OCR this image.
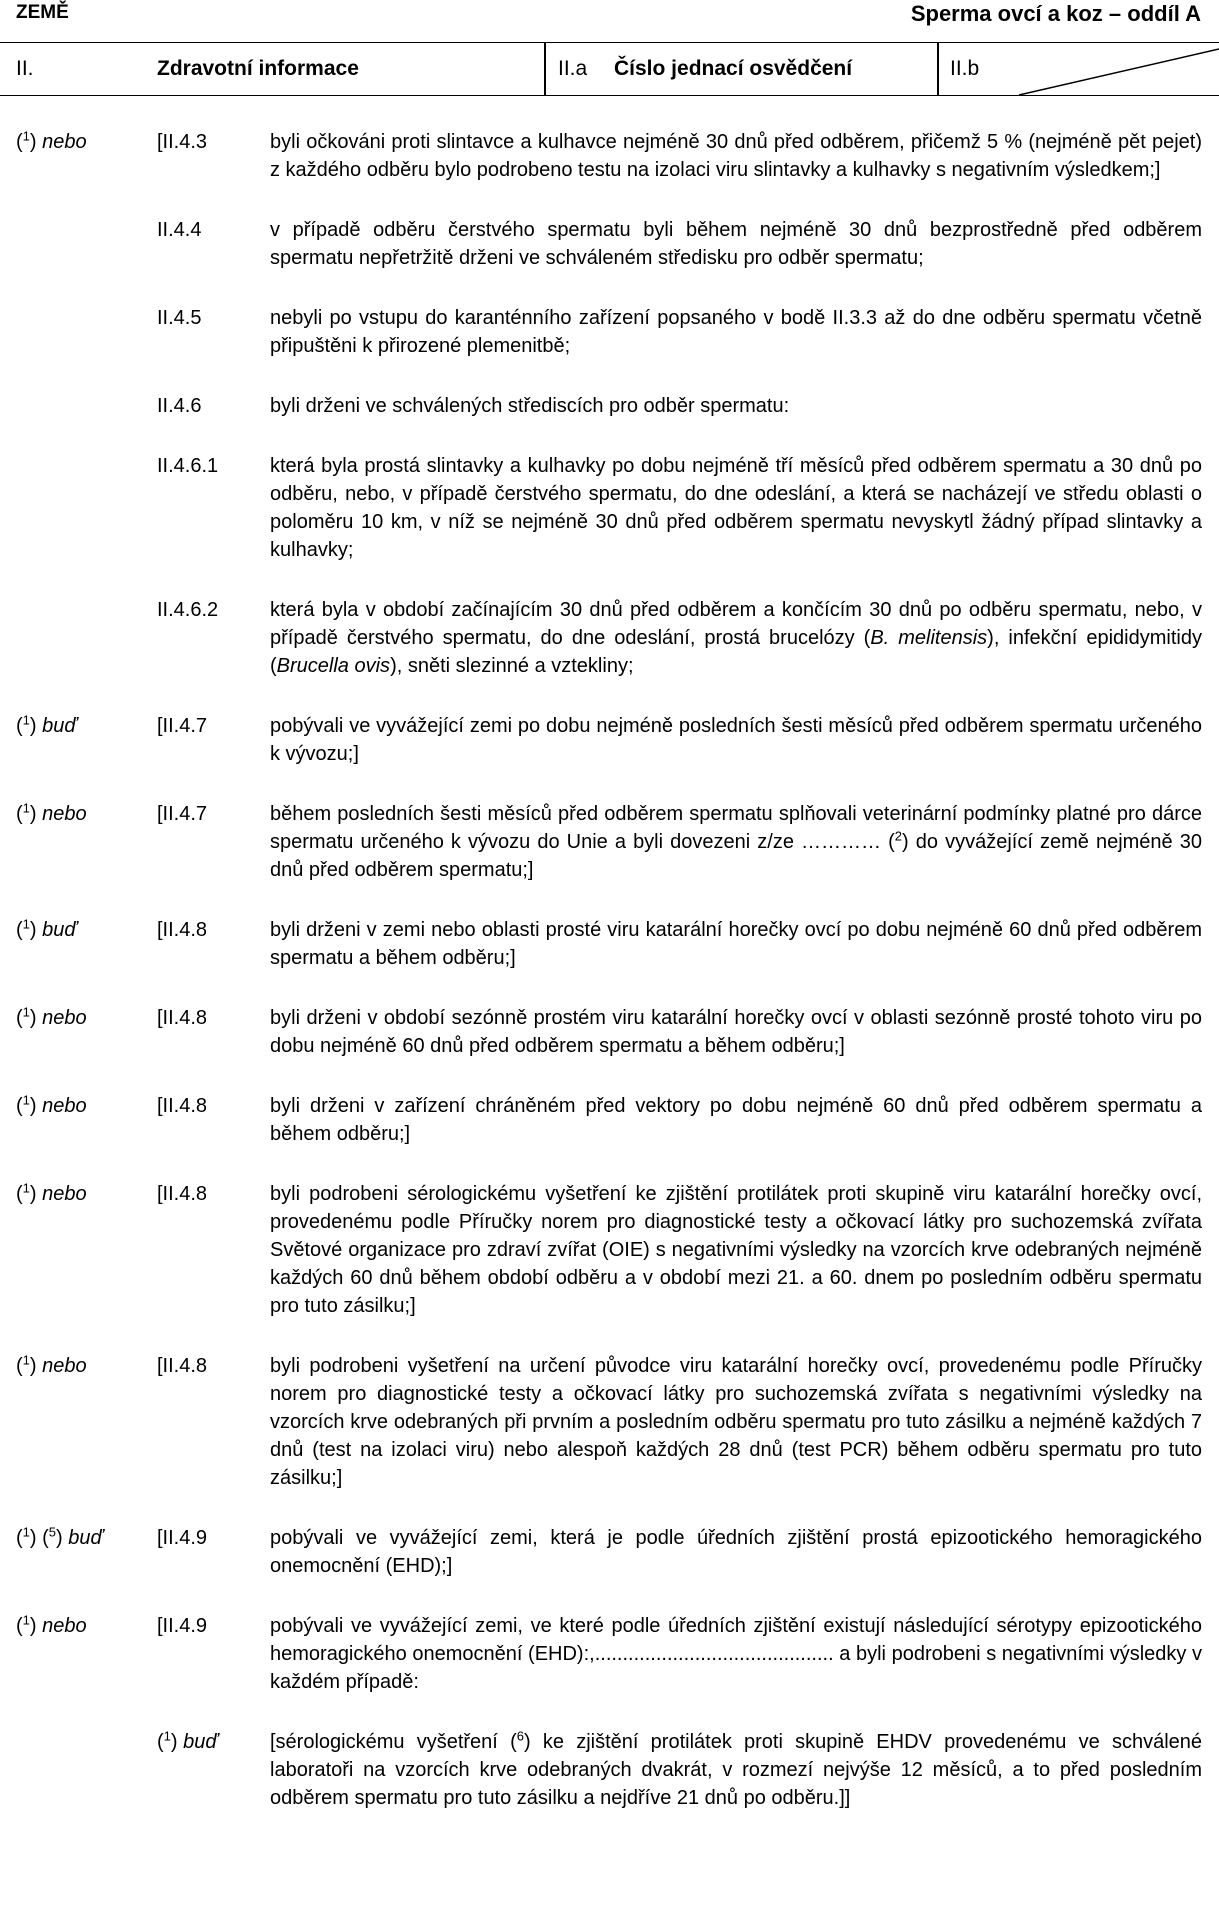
ZEMĚ	Sperma ovcí a koz – oddíl A
II.	Zdravotní informace	II.a Číslo jednací osvědčení	II.b
($^1$) nebo	[II.4.3	byli očkováni proti slintavce a kulhavce nejméně 30 dnů před odběrem, přičemž 5 % (nejméně pět pejet) z každého odběru bylo podrobeno testu na izolaci viru slintavky a kulhavky s negativním výsledkem;]
II.4.4	v případě odběru čerstvého spermatu byli během nejméně 30 dnů bezprostředně před odběrem spermatu nepřetržitě drženi ve schváleném středisku pro odběr spermatu;
II.4.5	nebyli po vstupu do karanténního zařízení popsaného v bodě II.3.3 až do dne odběru spermatu včetně připuštěni k přirozené plemenitbě;
II.4.6	byli drženi ve schválených střediscích pro odběr spermatu:
II.4.6.1	která byla prostá slintavky a kulhavky po dobu nejméně tří měsíců před odběrem spermatu a 30 dnů po odběru, nebo, v případě čerstvého spermatu, do dne odeslání, a která se nacházejí ve středu oblasti o poloměru 10 km, v níž se nejméně 30 dnů před odběrem spermatu nevyskytl žádný případ slintavky a kulhavky;
II.4.6.2	která byla v období začínajícím 30 dnů před odběrem a končícím 30 dnů po odběru spermatu, nebo, v případě čerstvého spermatu, do dne odeslání, prostá brucelózy (B. melitensis), infekční epididymitidy (Brucella ovis), sněti slezinné a vztekliny;
($^1$) buď	[II.4.7	pobývali ve vyvážející zemi po dobu nejméně posledních šesti měsíců před odběrem spermatu určeného k vývozu;]
($^1$) nebo	[II.4.7	během posledních šesti měsíců před odběrem spermatu splňovali veterinární podmínky platné pro dárce spermatu určeného k vývozu do Unie a byli dovezeni z/ze ………… ($^2$) do vyvážející země nejméně 30 dnů před odběrem spermatu;]
($^1$) buď	[II.4.8	byli drženi v zemi nebo oblasti prosté viru katarální horečky ovcí po dobu nejméně 60 dnů před odběrem spermatu a během odběru;]
($^1$) nebo	[II.4.8	byli drženi v období sezónně prostém viru katarální horečky ovcí v oblasti sezónně prosté tohoto viru po dobu nejméně 60 dnů před odběrem spermatu a během odběru;]
($^1$) nebo	[II.4.8	byli drženi v zařízení chráněném před vektory po dobu nejméně 60 dnů před odběrem spermatu a během odběru;]
($^1$) nebo	[II.4.8	byli podrobeni sérologickému vyšetření ke zjištění protilátek proti skupině viru katarální horečky ovcí, provedenému podle Příručky norem pro diagnostické testy a očkovací látky pro suchozemská zvířata Světové organizace pro zdraví zvířat (OIE) s negativními výsledky na vzorcích krve odebraných nejméně každých 60 dnů během období odběru a v období mezi 21. a 60. dnem po posledním odběru spermatu pro tuto zásilku;]
($^1$) nebo	[II.4.8	byli podrobeni vyšetření na určení původce viru katarální horečky ovcí, provedenému podle Příručky norem pro diagnostické testy a očkovací látky pro suchozemská zvířata s negativními výsledky na vzorcích krve odebraných při prvním a posledním odběru spermatu pro tuto zásilku a nejméně každých 7 dnů (test na izolaci viru) nebo alespoň každých 28 dnů (test PCR) během odběru spermatu pro tuto zásilku;]
($^1$) ($^5$) buď	[II.4.9	pobývali ve vyvážející zemi, která je podle úředních zjištění prostá epizootického hemoragického onemocnění (EHD);]
($^1$) nebo	[II.4.9	pobývali ve vyvážející zemi, ve které podle úředních zjištění existují následující sérotypy epizootického hemoragického onemocnění (EHD):,........................................... a byli podrobeni s negativními výsledky v každém případě:
($^1$) buď	[sérologickému vyšetření ($^6$) ke zjištění protilátek proti skupině EHDV provedenému ve schválené laboratoři na vzorcích krve odebraných dvakrát, v rozmezí nejvýše 12 měsíců, a to před posledním odběrem spermatu pro tuto zásilku a nejdříve 21 dnů po odběru.]]
